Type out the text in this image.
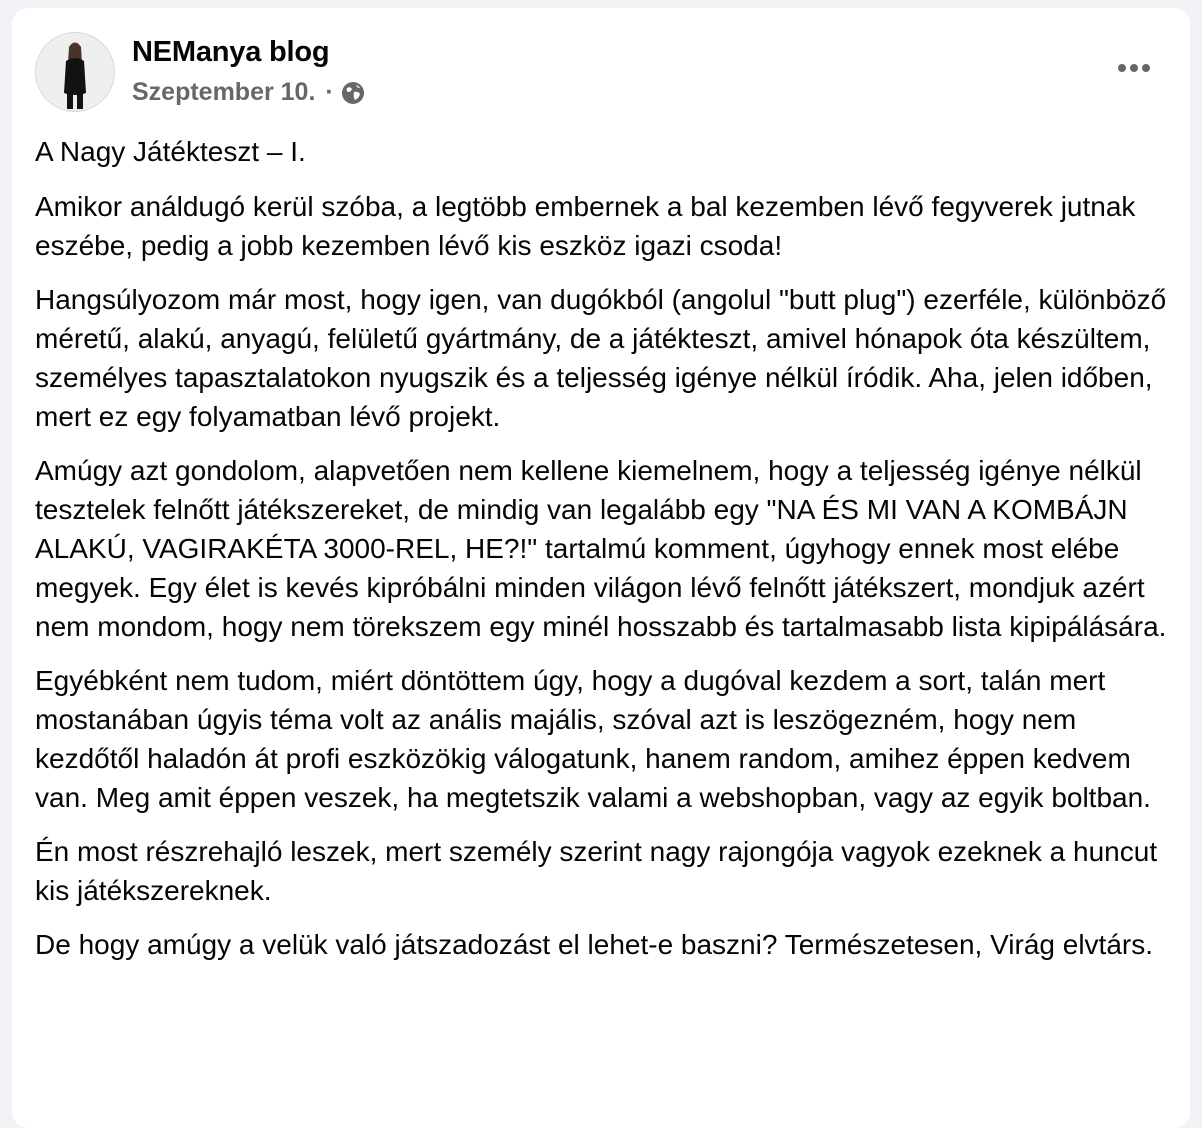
NEManya blog
Szeptember 10. ·

A Nagy Játékteszt – I.

Amikor análdugó kerül szóba, a legtöbb embernek a bal kezemben lévő fegyverek jutnak eszébe, pedig a jobb kezemben lévő kis eszköz igazi csoda!

Hangsúlyozom már most, hogy igen, van dugókból (angolul "butt plug") ezerféle, különböző méretű, alakú, anyagú, felületű gyártmány, de a játékteszt, amivel hónapok óta készültem, személyes tapasztalatokon nyugszik és a teljesség igénye nélkül íródik. Aha, jelen időben, mert ez egy folyamatban lévő projekt.

Amúgy azt gondolom, alapvetően nem kellene kiemelnem, hogy a teljesség igénye nélkül tesztelek felnőtt játékszereket, de mindig van legalább egy "NA ÉS MI VAN A KOMBÁJN ALAKÚ, VAGIRAKÉTA 3000-REL, HE?!" tartalmú komment, úgyhogy ennek most elébe megyek. Egy élet is kevés kipróbálni minden világon lévő felnőtt játékszert, mondjuk azért nem mondom, hogy nem törekszem egy minél hosszabb és tartalmasabb lista kipipálására.

Egyébként nem tudom, miért döntöttem úgy, hogy a dugóval kezdem a sort, talán mert mostanában úgyis téma volt az anális majális, szóval azt is leszögezném, hogy nem kezdőtől haladón át profi eszközökig válogatunk, hanem random, amihez éppen kedvem van. Meg amit éppen veszek, ha megtetszik valami a webshopban, vagy az egyik boltban.

Én most részrehajló leszek, mert személy szerint nagy rajongója vagyok ezeknek a huncut kis játékszereknek.

De hogy amúgy a velük való játszadozást el lehet-e baszni? Természetesen, Virág elvtárs.
